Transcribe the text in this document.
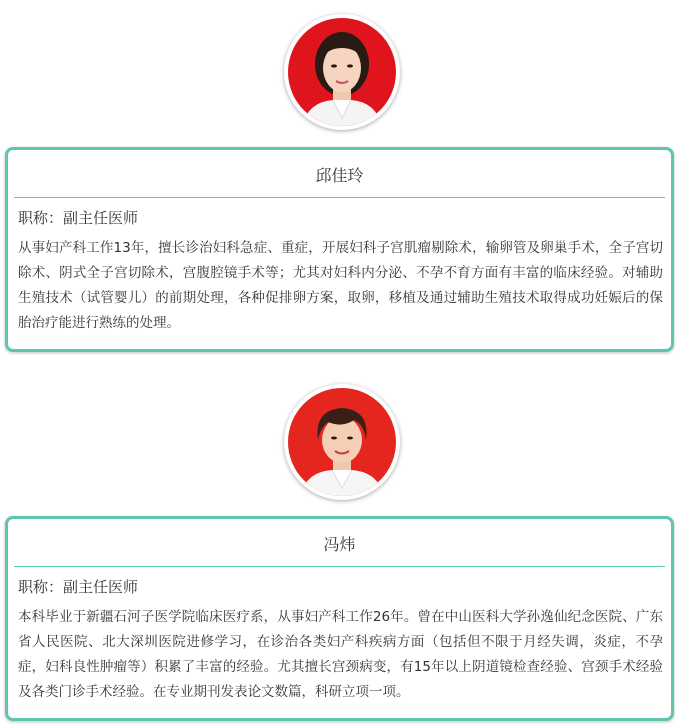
邱佳玲
职称：副主任医师
从事妇产科工作13年，擅长诊治妇科急症、重症，开展妇科子宫肌瘤剔除术，输卵管及卵巢手术，全子宫切除术、阴式全子宫切除术，宫腹腔镜手术等；尤其对妇科内分泌、不孕不育方面有丰富的临床经验。对辅助生殖技术（试管婴儿）的前期处理，各种促排卵方案，取卵，移植及通过辅助生殖技术取得成功妊娠后的保胎治疗能进行熟练的处理。
冯炜
职称：副主任医师
本科毕业于新疆石河子医学院临床医疗系，从事妇产科工作26年。曾在中山医科大学孙逸仙纪念医院、广东省人民医院、北大深圳医院进修学习，在诊治各类妇产科疾病方面（包括但不限于月经失调，炎症，不孕症，妇科良性肿瘤等）积累了丰富的经验。尤其擅长宫颈病变，有15年以上阴道镜检查经验、宫颈手术经验及各类门诊手术经验。在专业期刊发表论文数篇，科研立项一项。
